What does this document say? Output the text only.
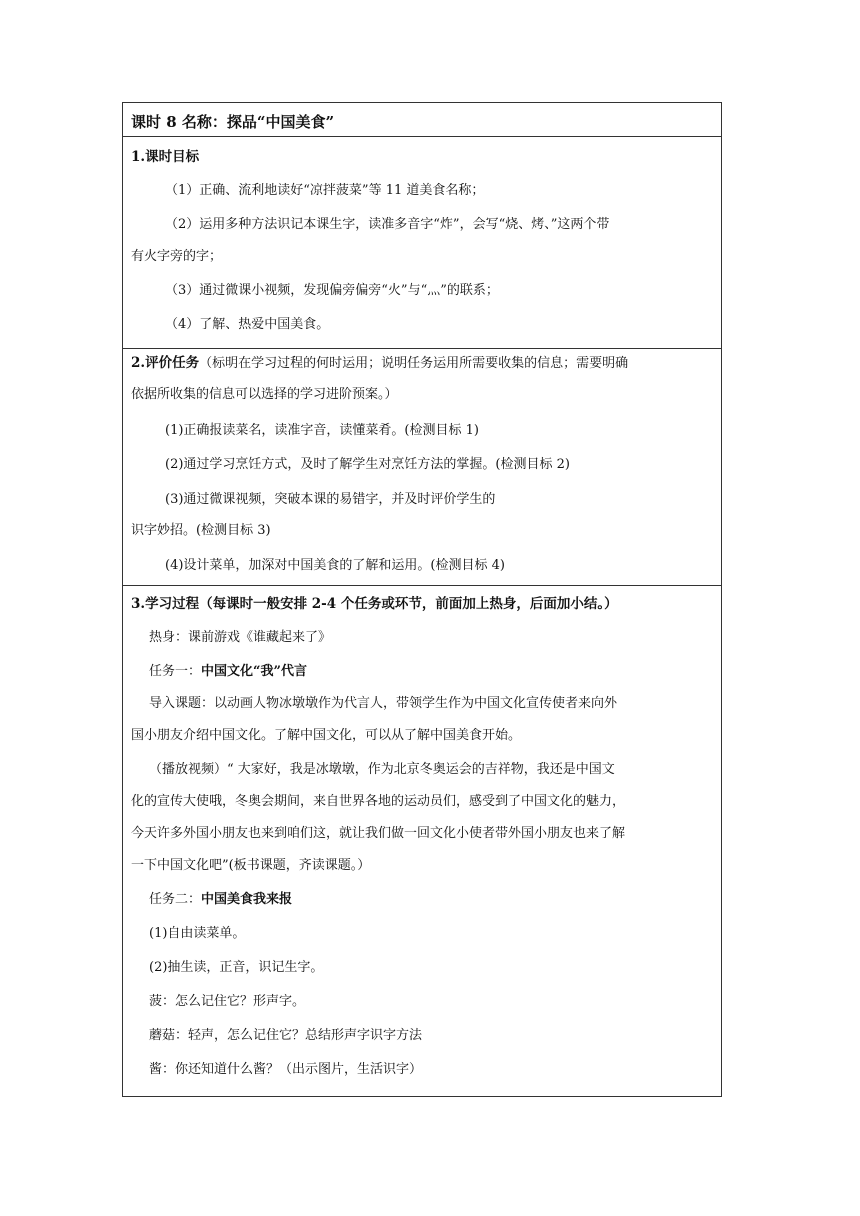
课时 8 名称：探品“中国美食”
1.课时目标
（1）正确、流利地读好“凉拌菠菜”等 11 道美食名称；
（2）运用多种方法识记本课生字，读准多音字“炸”，会写“烧、烤、”这两个带
有火字旁的字；
（3）通过微课小视频，发现偏旁偏旁“火”与“灬”的联系；
（4）了解、热爱中国美食。
2.评价任务（标明在学习过程的何时运用；说明任务运用所需要收集的信息；需要明确
依据所收集的信息可以选择的学习进阶预案。）
(1)正确报读菜名，读准字音，读懂菜肴。(检测目标 1)
(2)通过学习烹饪方式，及时了解学生对烹饪方法的掌握。(检测目标 2)
(3)通过微课视频，突破本课的易错字，并及时评价学生的
识字妙招。(检测目标 3)
(4)设计菜单，加深对中国美食的了解和运用。(检测目标 4)
3.学习过程（每课时一般安排 2-4 个任务或环节，前面加上热身，后面加小结。）
热身：课前游戏《谁藏起来了》
任务一：中国文化“我”代言
导入课题：以动画人物冰墩墩作为代言人，带领学生作为中国文化宣传使者来向外
国小朋友介绍中国文化。了解中国文化，可以从了解中国美食开始。
（播放视频）“ 大家好，我是冰墩墩，作为北京冬奥运会的吉祥物，我还是中国文
化的宣传大使哦，冬奥会期间，来自世界各地的运动员们，感受到了中国文化的魅力，
今天许多外国小朋友也来到咱们这，就让我们做一回文化小使者带外国小朋友也来了解
一下中国文化吧”(板书课题，齐读课题。）
任务二：中国美食我来报
(1)自由读菜单。
(2)抽生读，正音，识记生字。
菠：怎么记住它？形声字。
蘑菇：轻声，怎么记住它？总结形声字识字方法
酱：你还知道什么酱？（出示图片，生活识字）
